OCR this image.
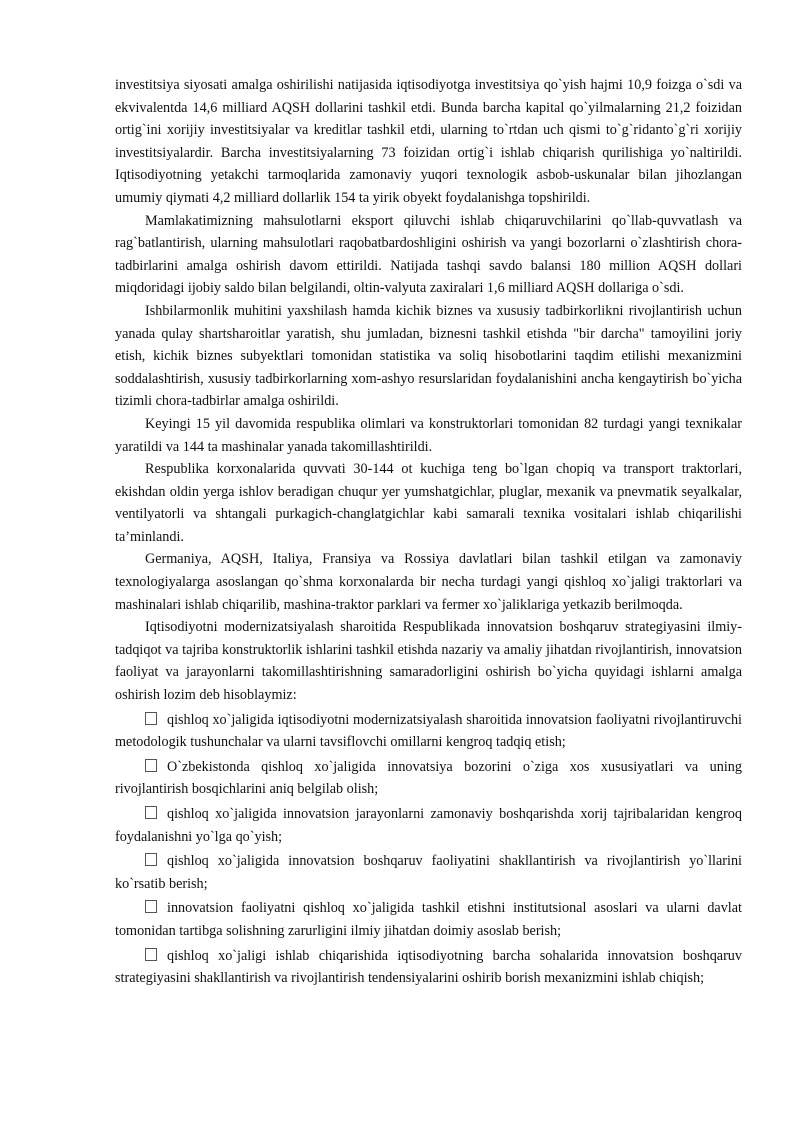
investitsiya siyosati amalga oshirilishi natijasida iqtisodiyotga investitsiya qo`yish hajmi 10,9 foizga o`sdi va ekvivalentda 14,6 milliard AQSH dollarini tashkil etdi. Bunda barcha kapital qo`yilmalarning 21,2 foizidan ortig`ini xorijiy investitsiyalar va kreditlar tashkil etdi, ularning to`rtdan uch qismi to`g`ridanto`g`ri xorijiy investitsiyalardir. Barcha investitsiyalarning 73 foizidan ortig`i ishlab chiqarish qurilishiga yo`naltirildi. Iqtisodiyotning yetakchi tarmoqlarida zamonaviy yuqori texnologik asbob-uskunalar bilan jihozlangan umumiy qiymati 4,2 milliard dollarlik 154 ta yirik obyekt foydalanishga topshirildi.

Mamlakatimizning mahsulotlarni eksport qiluvchi ishlab chiqaruvchilarini qo`llab-quvvatlash va rag`batlantirish, ularning mahsulotlari raqobatbardoshligini oshirish va yangi bozorlarni o`zlashtirish chora-tadbirlarini amalga oshirish davom ettirildi. Natijada tashqi savdo balansi 180 million AQSH dollari miqdoridagi ijobiy saldo bilan belgilandi, oltin-valyuta zaxiralari 1,6 milliard AQSH dollariga o`sdi.

Ishbilarmonlik muhitini yaxshilash hamda kichik biznes va xususiy tadbirkorlikni rivojlantirish uchun yanada qulay shartsharoitlar yaratish, shu jumladan, biznesni tashkil etishda "bir darcha" tamoyilini joriy etish, kichik biznes subyektlari tomonidan statistika va soliq hisobotlarini taqdim etilishi mexanizmini soddalashtirish, xususiy tadbirkorlarning xom-ashyo resurslaridan foydalanishini ancha kengaytirish bo`yicha tizimli chora-tadbirlar amalga oshirildi.

Keyingi 15 yil davomida respublika olimlari va konstruktorlari tomonidan 82 turdagi yangi texnikalar yaratildi va 144 ta mashinalar yanada takomillashtirildi.

Respublika korxonalarida quvvati 30-144 ot kuchiga teng bo`lgan chopiq va transport traktorlari, ekishdan oldin yerga ishlov beradigan chuqur yer yumshatgichlar, pluglar, mexanik va pnevmatik seyalkalar, ventilyatorli va shtangali purkagich-changlatgichlar kabi samarali texnika vositalari ishlab chiqarilishi ta’minlandi.

Germaniya, AQSH, Italiya, Fransiya va Rossiya davlatlari bilan tashkil etilgan va zamonaviy texnologiyalarga asoslangan qo`shma korxonalarda bir necha turdagi yangi qishloq xo`jaligi traktorlari va mashinalari ishlab chiqarilib, mashina-traktor parklari va fermer xo`jaliklariga yetkazib berilmoqda.

Iqtisodiyotni modernizatsiyalash sharoitida Respublikada innovatsion boshqaruv strategiyasini ilmiy-tadqiqot va tajriba konstruktorlik ishlarini tashkil etishda nazariy va amaliy jihatdan rivojlantirish, innovatsion faoliyat va jarayonlarni takomillashtirishning samaradorligini oshirish bo`yicha quyidagi ishlarni amalga oshirish lozim deb hisoblaymiz:

qishloq xo`jaligida iqtisodiyotni modernizatsiyalash sharoitida innovatsion faoliyatni rivojlantiruvchi metodologik tushunchalar va ularni tavsiflovchi omillarni kengroq tadqiq etish;

O`zbekistonda qishloq xo`jaligida innovatsiya bozorini o`ziga xos xususiyatlari va uning rivojlantirish bosqichlarini aniq belgilab olish;

qishloq xo`jaligida innovatsion jarayonlarni zamonaviy boshqarishda xorij tajribalaridan kengroq foydalanishni yo`lga qo`yish;

qishloq xo`jaligida innovatsion boshqaruv faoliyatini shakllantirish va rivojlantirish yo`llarini ko`rsatib berish;

innovatsion faoliyatni qishloq xo`jaligida tashkil etishni institutsional asoslari va ularni davlat tomonidan tartibga solishning zarurligini ilmiy jihatdan doimiy asoslab berish;

qishloq xo`jaligi ishlab chiqarishida iqtisodiyotning barcha sohalarida innovatsion boshqaruv strategiyasini shakllantirish va rivojlantirish tendensiyalarini oshirib borish mexanizmini ishlab chiqish;
